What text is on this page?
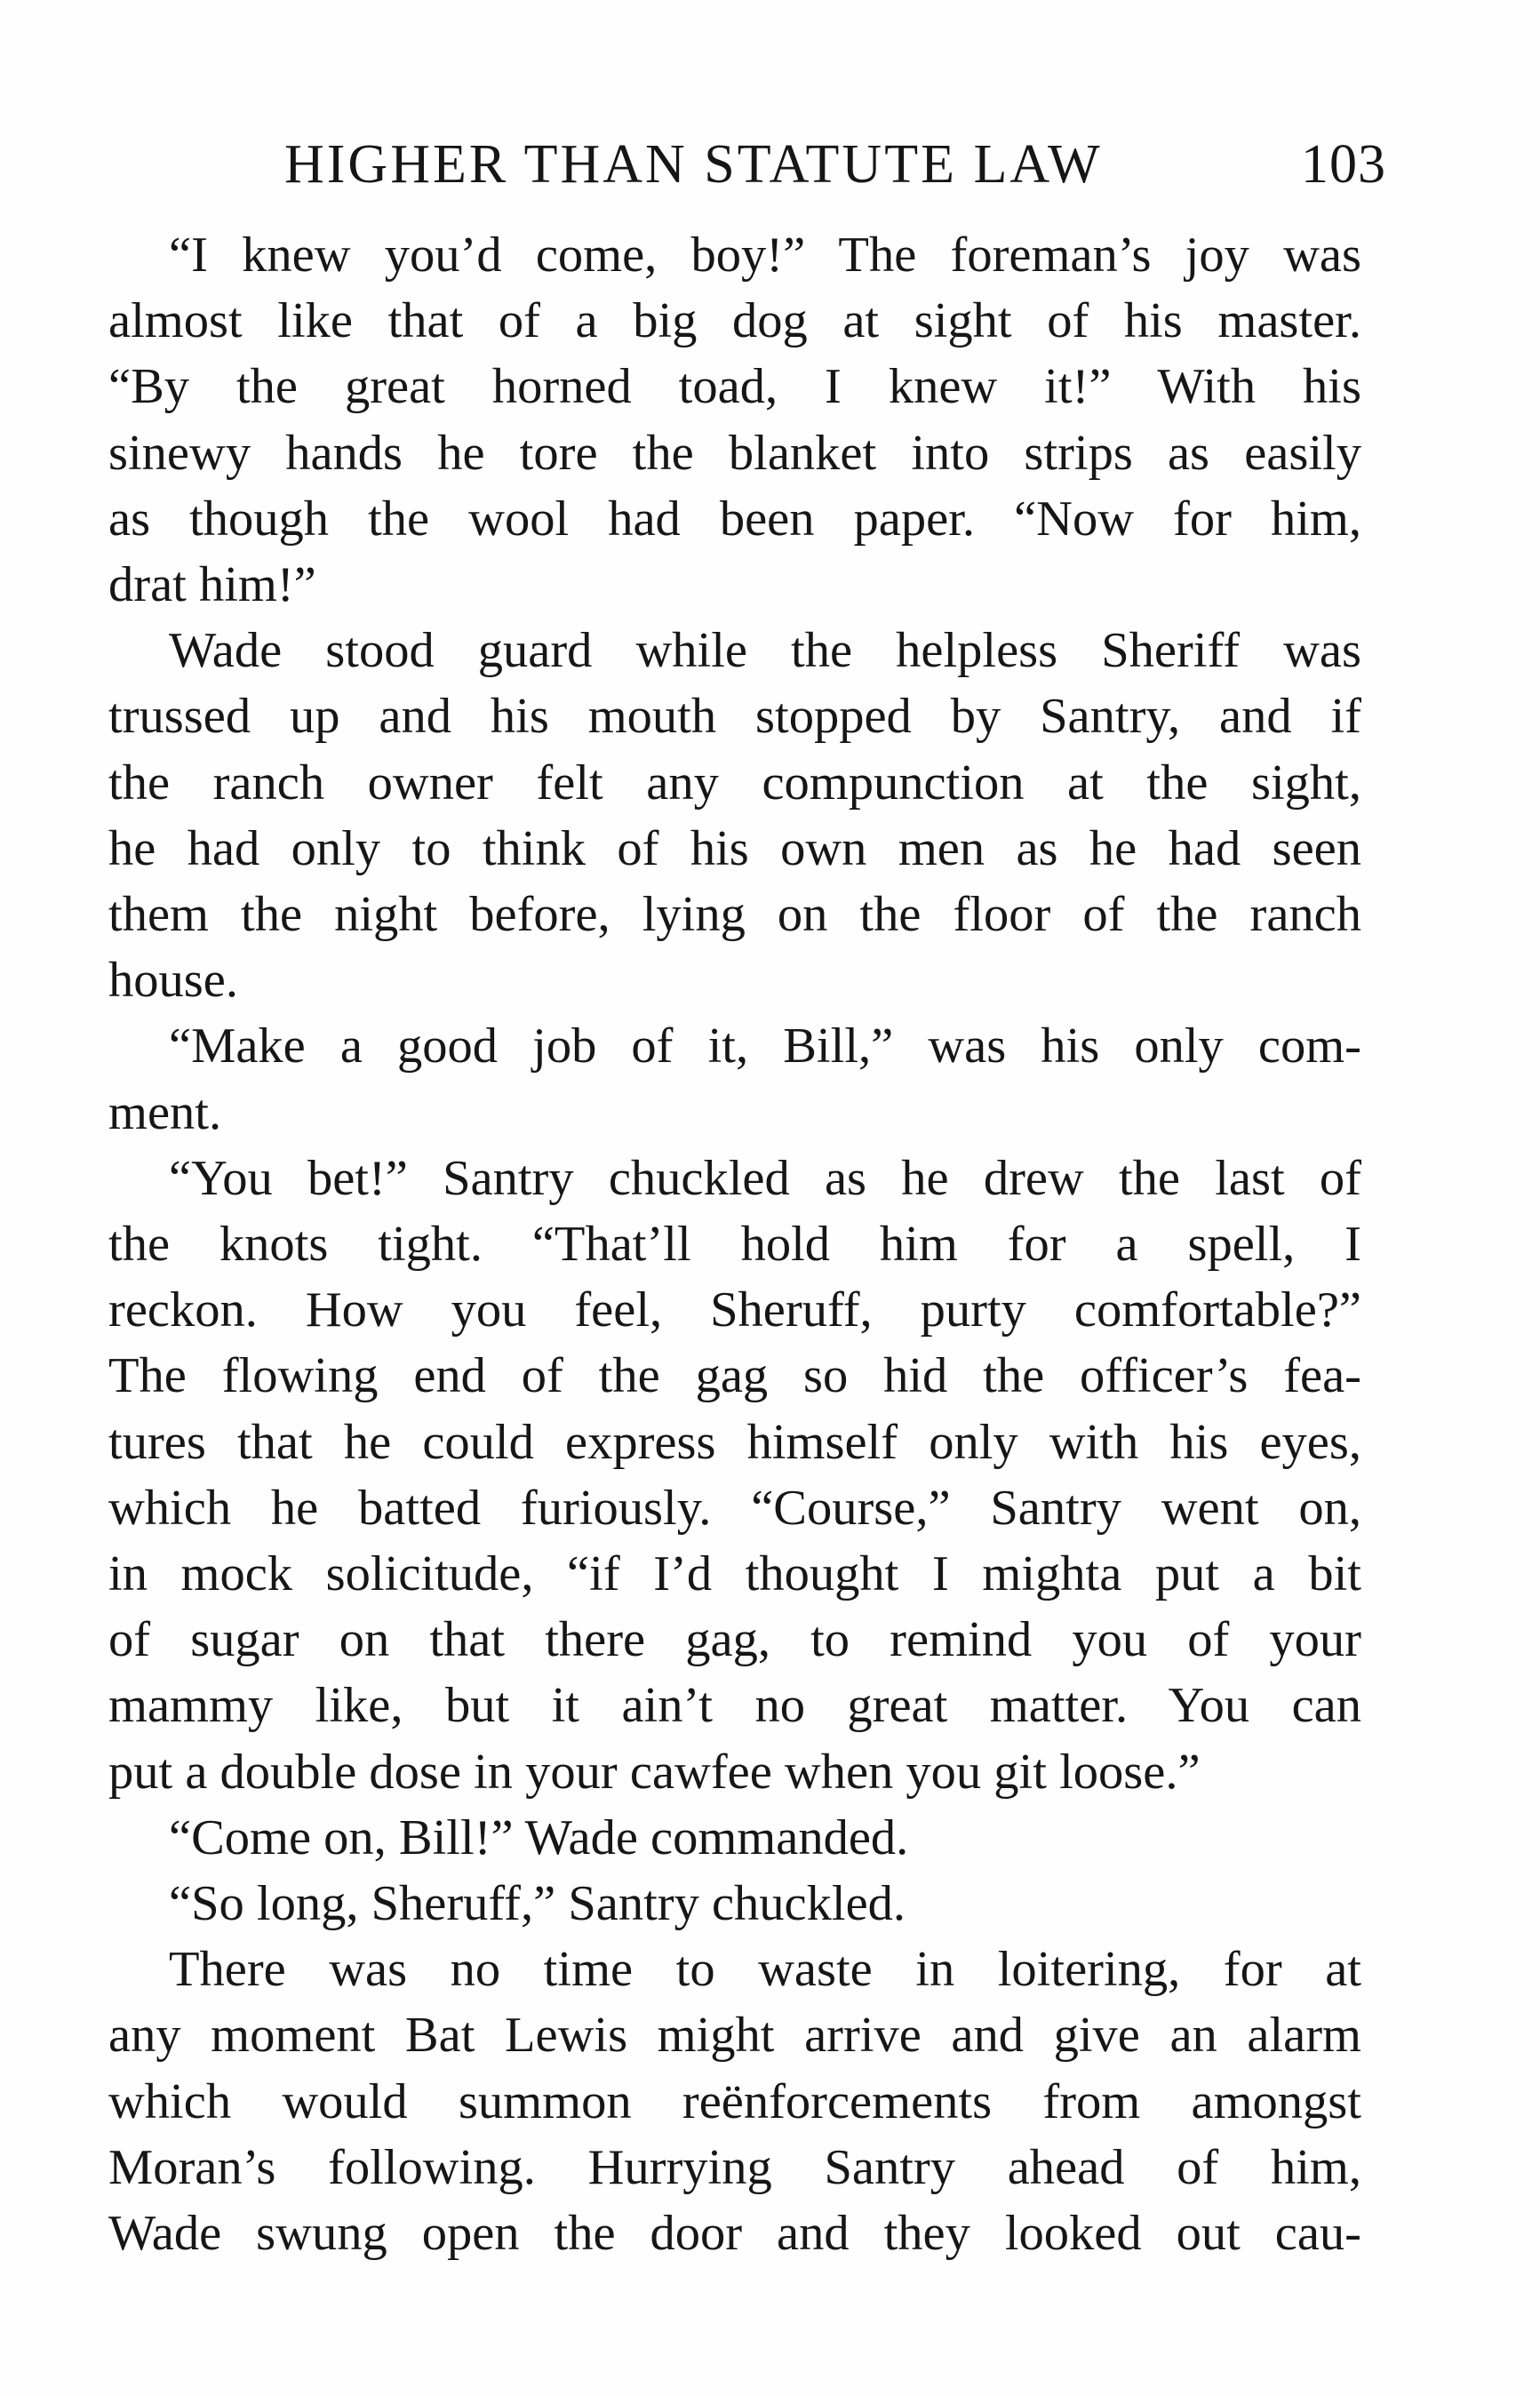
HIGHER THAN STATUTE LAW	103

“I knew you’d come, boy!” The foreman’s joy was
almost like that of a big dog at sight of his master.
“By the great horned toad, I knew it!” With his
sinewy hands he tore the blanket into strips as easily
as though the wool had been paper. “Now for him,
drat him!”

Wade stood guard while the helpless Sheriff was
trussed up and his mouth stopped by Santry, and if
the ranch owner felt any compunction at the sight,
he had only to think of his own men as he had seen
them the night before, lying on the floor of the ranch
house.

“Make a good job of it, Bill,” was his only com-
ment.

“You bet!” Santry chuckled as he drew the last of
the knots tight. “That’ll hold him for a spell, I
reckon. How you feel, Sheruff, purty comfortable?”
The flowing end of the gag so hid the officer’s fea-
tures that he could express himself only with his eyes,
which he batted furiously. “Course,” Santry went on,
in mock solicitude, “if I’d thought I mighta put a bit
of sugar on that there gag, to remind you of your
mammy like, but it ain’t no great matter. You can
put a double dose in your cawfee when you git loose.”

“Come on, Bill!” Wade commanded.

“So long, Sheruff,” Santry chuckled.

There was no time to waste in loitering, for at
any moment Bat Lewis might arrive and give an alarm
which would summon reënforcements from amongst
Moran’s following. Hurrying Santry ahead of him,
Wade swung open the door and they looked out cau-
